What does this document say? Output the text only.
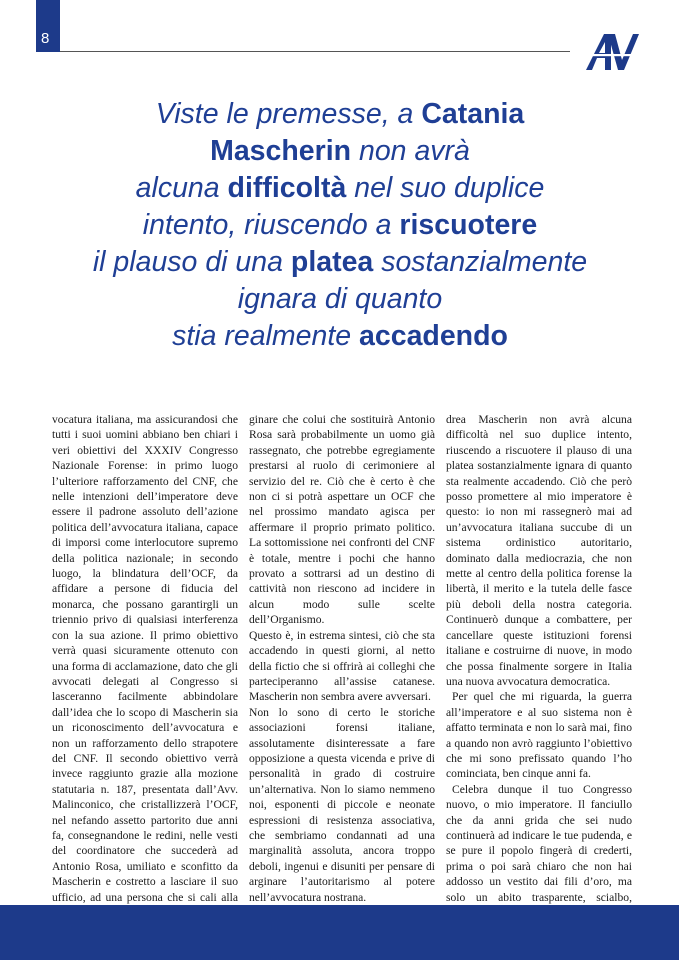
8
Viste le premesse, a Catania
Mascherin non avrà
alcuna difficoltà nel suo duplice
intento, riuscendo a riscuotere
il plauso di una platea sostanzialmente
ignara di quanto
stia realmente accadendo

vocatura italiana, ma assicurandosi che tutti i suoi uomini abbiano ben chiari i veri obiettivi del XXXIV Congresso Nazionale Forense: in primo luogo l’ulteriore rafforzamento del CNF, che nelle intenzioni dell’imperatore deve essere il padrone assoluto dell’azione politica dell’avvocatura italiana, capace di imporsi come interlocutore supremo della politica nazionale; in secondo luogo, la blindatura dell’OCF, da affidare a persone di fiducia del monarca, che possano garantirgli un triennio privo di qualsiasi interferenza con la sua azione. Il primo obiettivo verrà quasi sicuramente ottenuto con una forma di acclamazione, dato che gli avvocati delegati al Congresso si lasceranno facilmente abbindolare dall’idea che lo scopo di Mascherin sia un riconoscimento dell’avvocatura e non un rafforzamento dello strapotere del CNF. Il secondo obiettivo verrà invece raggiunto grazie alla mozione statutaria n. 187, presentata dall’Avv. Malinconico, che cristallizzerà l’OCF, nel nefando assetto partorito due anni fa, consegnandone le redini, nelle vesti del coordinatore che succederà ad Antonio Rosa, umiliato e sconfitto da Mascherin e costretto a lasciare il suo ufficio, ad una persona che si cali alla

ginare che colui che sostituirà Antonio Rosa sarà probabilmente un uomo già rassegnato, che potrebbe egregiamente prestarsi al ruolo di cerimoniere al servizio del re. Ciò che è certo è che non ci si potrà aspettare un OCF che nel prossimo mandato agisca per affermare il proprio primato politico. La sottomissione nei confronti del CNF è totale, mentre i pochi che hanno provato a sottrarsi ad un destino di cattività non riescono ad incidere in alcun modo sulle scelte dell’Organismo.

Questo è, in estrema sintesi, ciò che sta accadendo in questi giorni, al netto della fictio che si offrirà ai colleghi che parteciperanno all’assise catanese. Mascherin non sembra avere avversari.

Non lo sono di certo le storiche associazioni forensi italiane, assolutamente disinteressate a fare opposizione a questa vicenda e prive di personalità in grado di costruire un’alternativa. Non lo siamo nemmeno noi, esponenti di piccole e neonate espressioni di resistenza associativa, che sembriamo condannati ad una marginalità assoluta, ancora troppo deboli, ingenui e disuniti per pensare di arginare l’autoritarismo al potere nell’avvocatura nostrana.

drea Mascherin non avrà alcuna difficoltà nel suo duplice intento, riuscendo a riscuotere il plauso di una platea sostanzialmente ignara di quanto sta realmente accadendo. Ciò che però posso promettere al mio imperatore è questo: io non mi rassegnerò mai ad un’avvocatura italiana succube di un sistema ordinistico autoritario, dominato dalla mediocrazia, che non mette al centro della politica forense la libertà, il merito e la tutela delle fasce più deboli della nostra categoria. Continuerò dunque a combattere, per cancellare queste istituzioni forensi italiane e costruirne di nuove, in modo che possa finalmente sorgere in Italia una nuova avvocatura democratica.

Per quel che mi riguarda, la guerra all’imperatore e al suo sistema non è affatto terminata e non lo sarà mai, fino a quando non avrò raggiunto l’obiettivo che mi sono prefissato quando l’ho cominciata, ben cinque anni fa.

Celebra dunque il tuo Congresso nuovo, o mio imperatore. Il fanciullo che da anni grida che sei nudo continuerà ad indicare le tue pudenda, e se pure il popolo fingerà di crederti, prima o poi sarà chiaro che non hai addosso un vestito dai fili d’oro, ma solo un abito trasparente, scialbo,
